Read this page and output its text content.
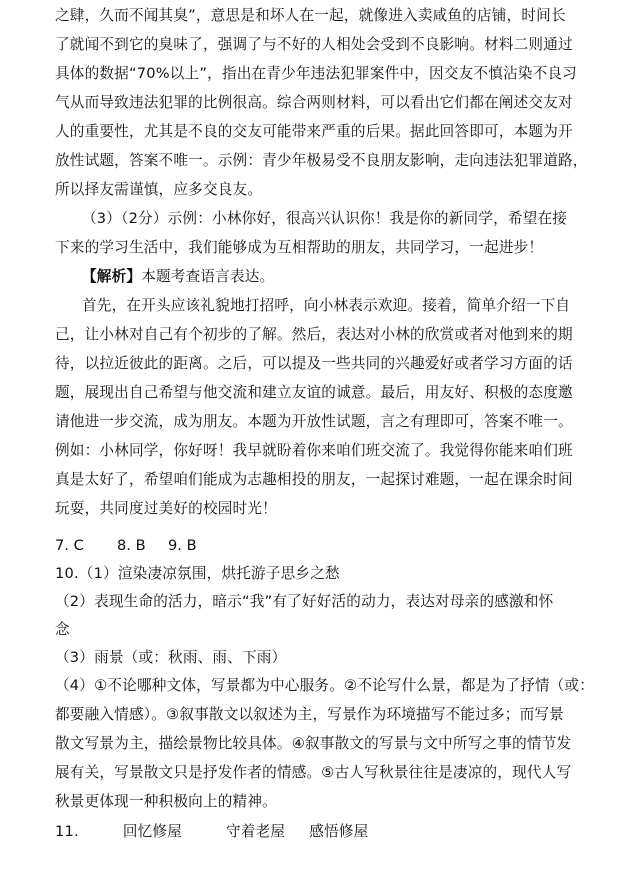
之肆，久而不闻其臭”，意思是和坏人在一起，就像进入卖咸鱼的店铺，时间长
了就闻不到它的臭味了，强调了与不好的人相处会受到不良影响。材料二则通过
具体的数据“70%以上”，指出在青少年违法犯罪案件中，因交友不慎沾染不良习
气从而导致违法犯罪的比例很高。综合两则材料，可以看出它们都在阐述交友对
人的重要性，尤其是不良的交友可能带来严重的后果。据此回答即可，本题为开
放性试题，答案不唯一。示例：青少年极易受不良朋友影响，走向违法犯罪道路，
所以择友需谨慎，应多交良友。
（3）（2分）示例：小林你好，很高兴认识你！我是你的新同学，希望在接
下来的学习生活中，我们能够成为互相帮助的朋友，共同学习，一起进步！
【解析】本题考查语言表达。
首先，在开头应该礼貌地打招呼，向小林表示欢迎。接着，简单介绍一下自
己，让小林对自己有个初步的了解。然后，表达对小林的欣赏或者对他到来的期
待，以拉近彼此的距离。之后，可以提及一些共同的兴趣爱好或者学习方面的话
题，展现出自己希望与他交流和建立友谊的诚意。最后，用友好、积极的态度邀
请他进一步交流，成为朋友。本题为开放性试题，言之有理即可，答案不唯一。
例如：小林同学，你好呀！我早就盼着你来咱们班交流了。我觉得你能来咱们班
真是太好了，希望咱们能成为志趣相投的朋友，一起探讨难题，一起在课余时间
玩耍，共同度过美好的校园时光！
7. C 8. B 9. B
10.（1）渲染凄凉氛围，烘托游子思乡之愁
（2）表现生命的活力，暗示“我”有了好好活的动力，表达对母亲的感激和怀
念
（3）雨景（或：秋雨、雨、下雨）
（4）①不论哪种文体，写景都为中心服务。②不论写什么景，都是为了抒情（或：
都要融入情感）。③叙事散文以叙述为主，写景作为环境描写不能过多；而写景
散文写景为主，描绘景物比较具体。④叙事散文的写景与文中所写之事的情节发
展有关，写景散文只是抒发作者的情感。⑤古人写秋景往往是凄凉的，现代人写
秋景更体现一种积极向上的精神。
11.	回忆修屋	守着老屋 感悟修屋
